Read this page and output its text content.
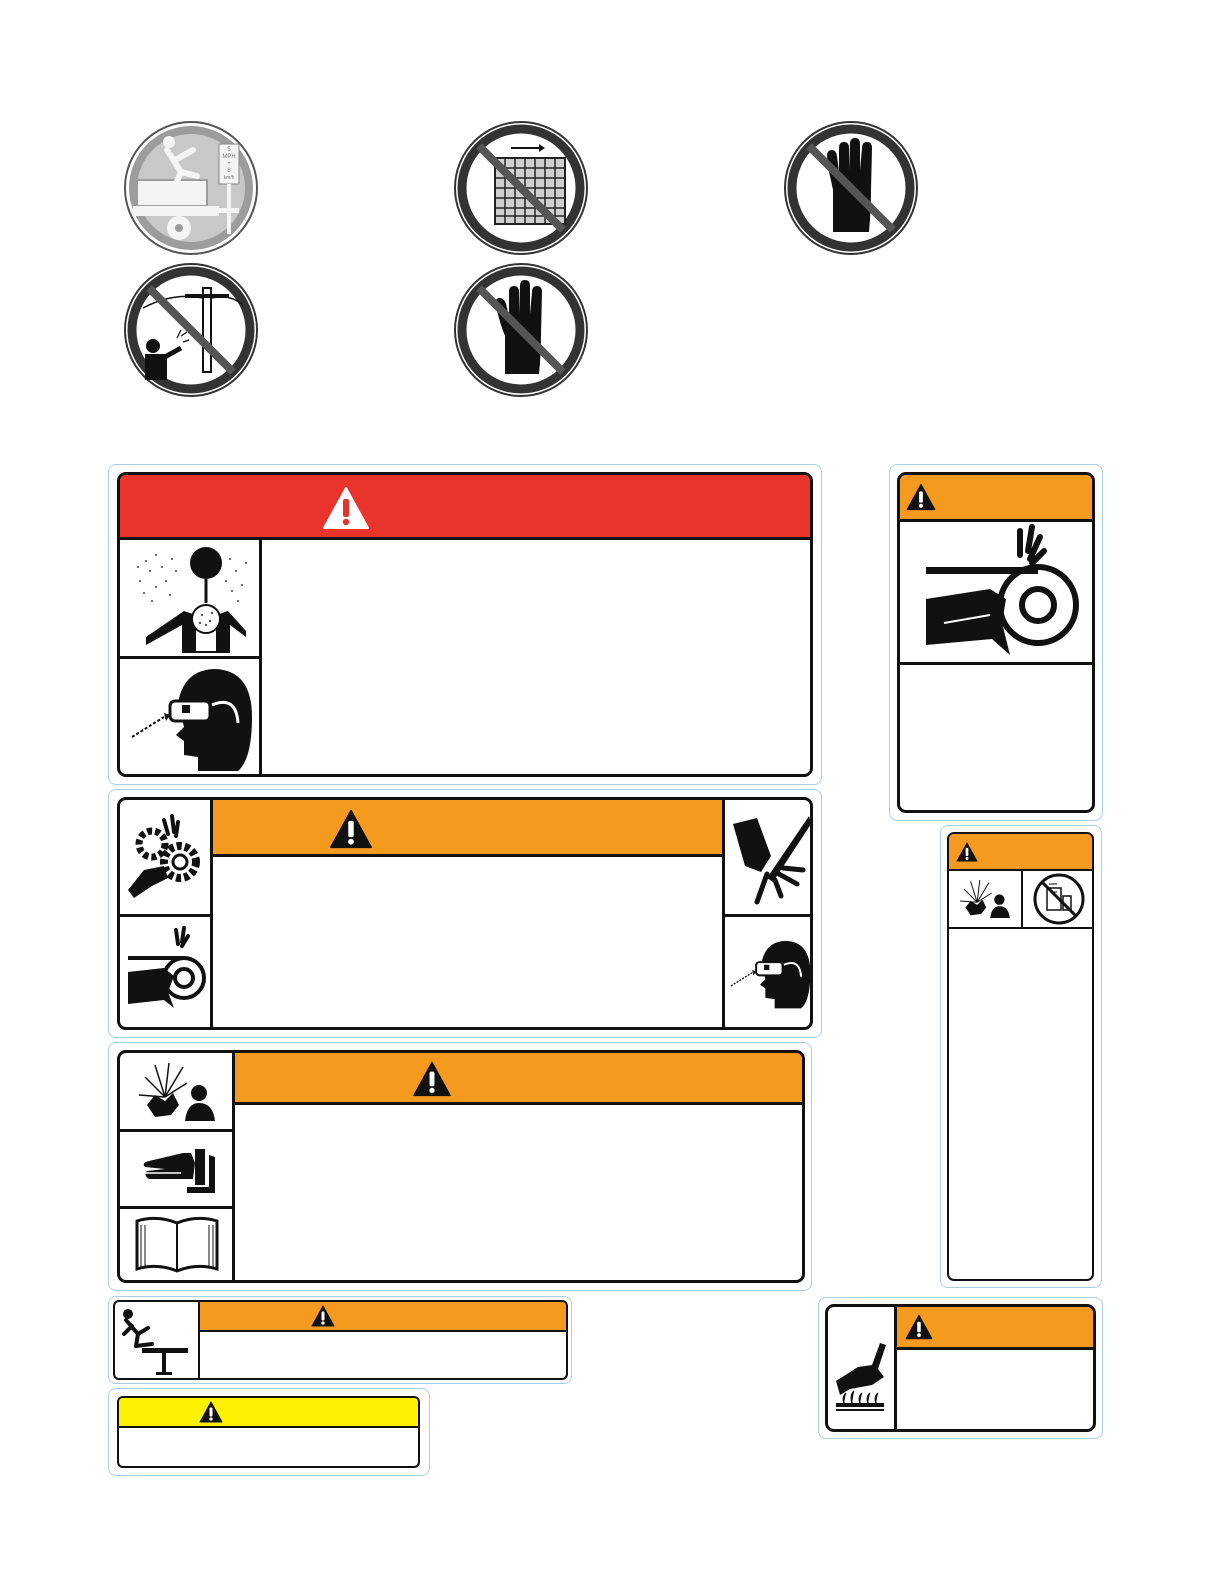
5
MPH
+
8
km/h
